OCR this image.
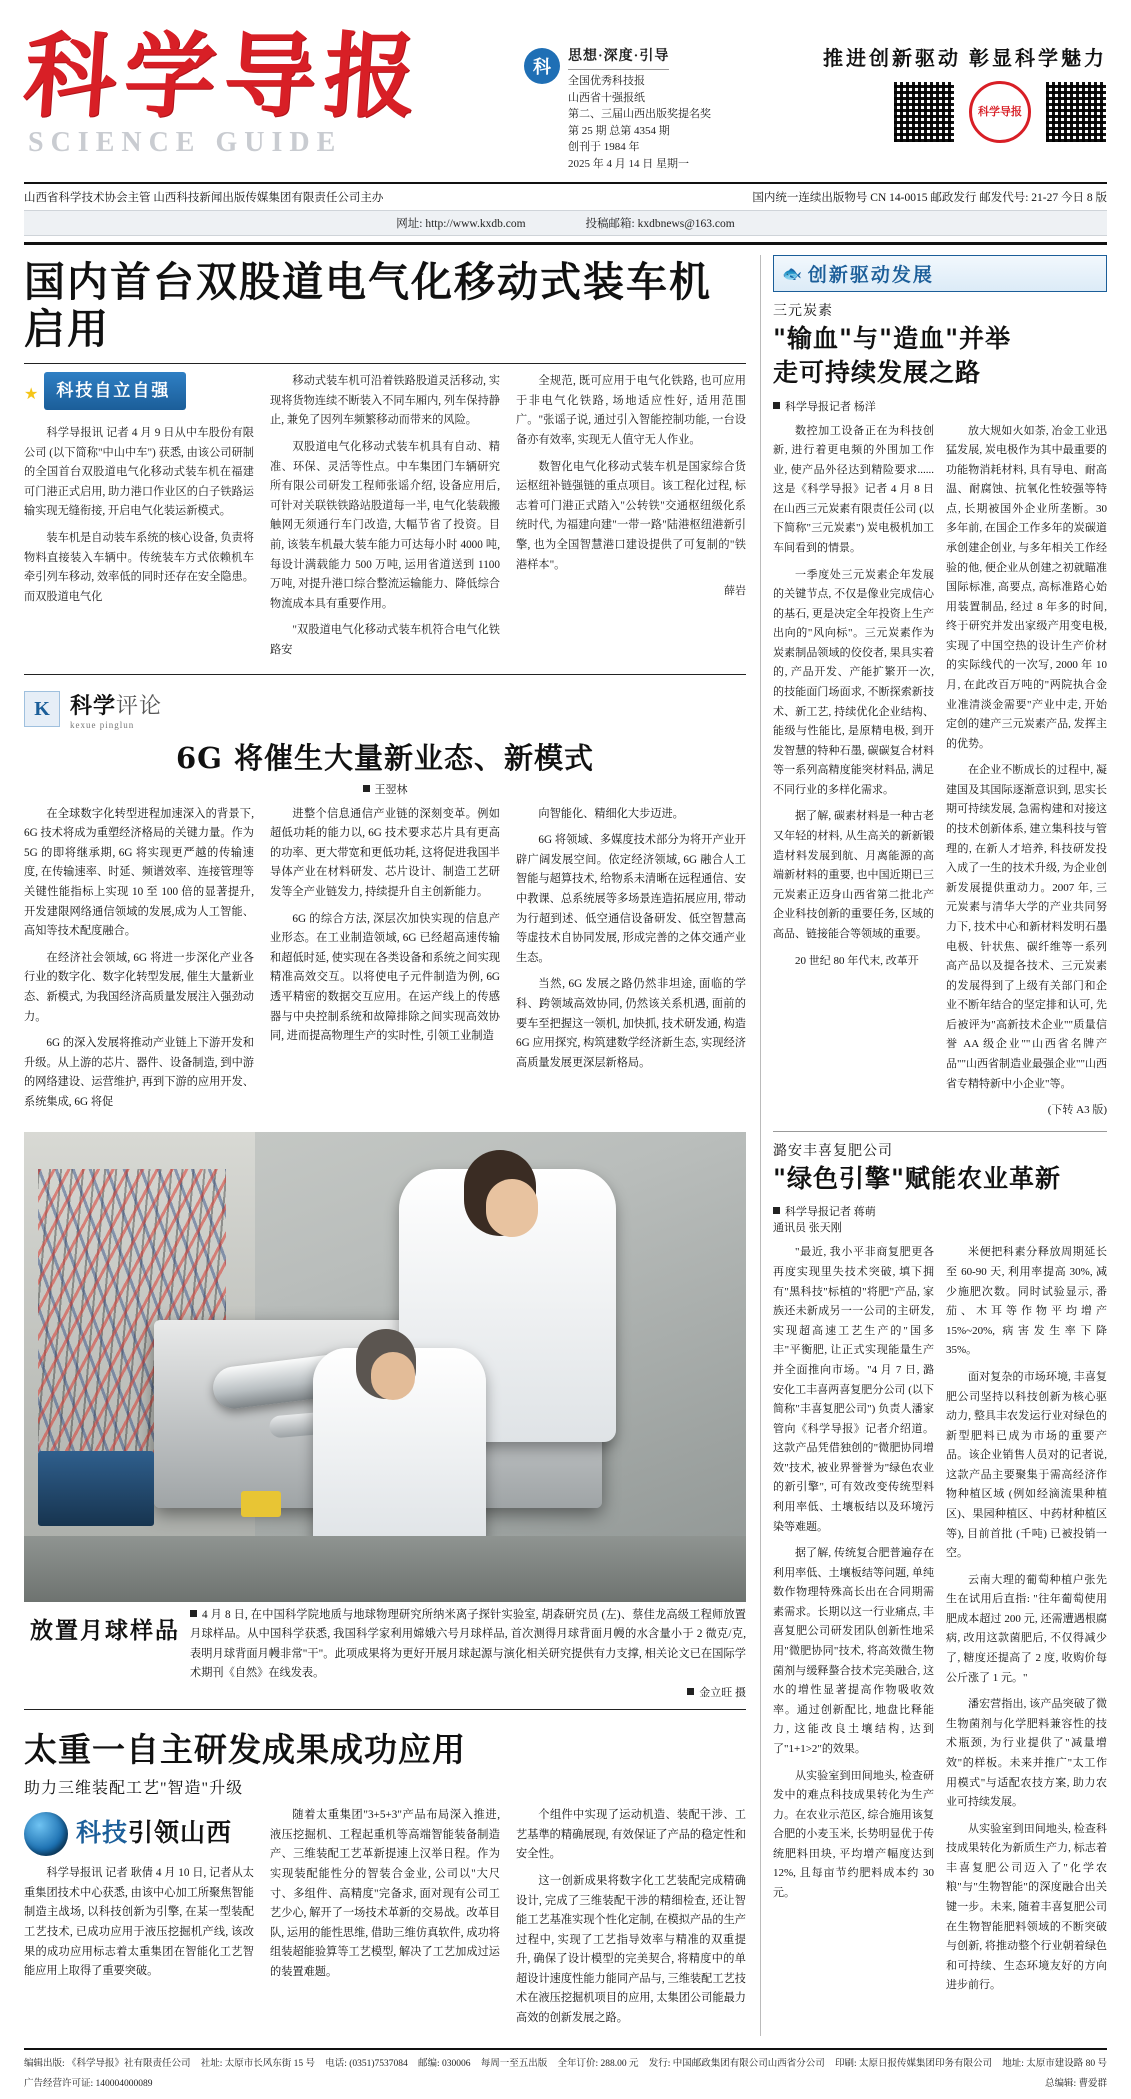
科学导报
SCIENCE GUIDE
科
思想·深度·引导
全国优秀科技报
山西省十强报纸
第二、三届山西出版奖提名奖
第 25 期 总第 4354 期
创刊于 1984 年
2025 年 4 月 14 日 星期一
推进创新驱动 彰显科学魅力
科学导报
山西省科学技术协会主管 山西科技新闻出版传媒集团有限责任公司主办	国内统一连续出版物号 CN 14-0015 邮政发行 邮发代号: 21-27 今日 8 版
网址: http://www.kxdb.com	投稿邮箱: kxdbnews@163.com
国内首台双股道电气化移动式装车机启用
★	科技自立自强

科学导报讯 记者 4 月 9 日从中车股份有限公司 (以下简称"中山中车") 获悉, 由该公司研制的全国首台双股道电气化移动式装车机在福建可门港正式启用, 助力港口作业区的白子铁路运输实现无缝衔接, 开启电气化装运新模式。

装车机是自动装车系统的核心设备, 负责将物料直接装入车辆中。传统装车方式依赖机车牵引列车移动, 效率低的同时还存在安全隐患。而双股道电气化

移动式装车机可沿着铁路股道灵活移动, 实现将货物连续不断装入不同车厢内, 列车保持静止, 兼免了因列车频繁移动而带来的风险。

双股道电气化移动式装车机具有自动、精准、环保、灵活等性点。中车集团门车辆研究所有限公司研发工程师张谣介绍, 设备应用后, 可针对关联铁铁路站股道每一半, 电气化装载搬触网无须通行车门改造, 大幅节省了投资。目前, 该装车机最大装车能力可达每小时 4000 吨, 每设计满载能力 500 万吨, 运用省道送到 1100 万吨, 对提升港口综合整流运输能力、降低综合物流成本具有重要作用。

"双股道电气化移动式装车机符合电气化铁路安

全规范, 既可应用于电气化铁路, 也可应用于非电气化铁路, 场地适应性好, 适用范围广。"张谣子说, 通过引入智能控制功能, 一台设备亦有效率, 实现无人值守无人作业。

数智化电气化移动式装车机是国家综合货运枢纽补链强链的重点项目。该工程化过程, 标志着可门港正式踏入"公转铁"交通枢纽级化系统时代, 为福建向建"一带一路"陆港枢纽港新引擎, 也为全国智慧港口建设提供了可复制的"铁港样本"。

薛岩
K 科学评论
kexue pinglun
6G 将催生大量新业态、新模式
王翌林

在全球数字化转型进程加速深入的背景下, 6G 技术将成为重塑经济格局的关键力量。作为 5G 的即将继承期, 6G 将实现更严越的传输速度, 在传输速率、时延、频谱效率、连接管理等关键性能指标上实现 10 至 100 倍的显著提升, 开发建限网络通信领域的发展,成为人工智能、高知等技术配度融合。

在经济社会领域, 6G 将进一步深化产业各行业的数字化、数字化转型发展, 催生大量新业态、新模式, 为我国经济高质量发展注入强劲动力。

6G 的深入发展将推动产业链上下游开发和升级。从上游的芯片、器件、设备制造, 到中游的网络建设、运营维护, 再到下游的应用开发、系统集成, 6G 将促

进整个信息通信产业链的深刻变革。例如超低功耗的能力以, 6G 技术要求芯片具有更高的功率、更大带宽和更低功耗, 这将促进我国半导体产业在材料研发、芯片设计、制造工艺研发等全产业链发力, 持续提升自主创新能力。

6G 的综合方法, 深层次加快实现的信息产业形态。在工业制造领域, 6G 已经超高速传输和超低时延, 使实现在各类设备和系统之间实现精准高效交互。以将使电子元件制造为例, 6G 透平精密的数据交互应用。在运产线上的传感器与中央控制系统和故障排除之间实现高效协同, 进而提高物理生产的实时性, 引领工业制造

向智能化、精细化大步迈进。

6G 将领域、多媒度技术部分为将开产业开辟广阔发展空间。依定经济领域, 6G 融合人工智能与超算技术, 给物系未清晰在远程通信、安中教课、总系统展等多场景连造拓展应用, 带动为行超到述、低空通信设备研发、低空智慧高等虚技术自协同发展, 形成完善的之体交通产业生态。

当然, 6G 发展之路仍然非坦途, 面临的学科、跨领域高效协同, 仍然该关系机遇, 面前的要车至把握这一领机, 加快抓, 技术研发通, 构造 6G 应用探究, 构筑建数学经济新生态, 实现经济高质量发展更深层新格局。

放置月球样品
4 月 8 日, 在中国科学院地质与地球物理研究所纳米离子探针实验室, 胡森研究员 (左)、蔡佳龙高级工程师放置月球样品。从中国科学获悉, 我国科学家利用嫦娥六号月球样品, 首次测得月球背面月幔的水含量小于 2 微克/克, 表明月球背面月幔非常"干"。此项成果将为更好开展月球起源与演化相关研究提供有力支撑, 相关论文已在国际学术期刊《自然》在线发表。
金立旺 摄
太重一自主研发成果成功应用
助力三维装配工艺"智造"升级
科技引领山西

科学导报讯 记者 耿倩 4 月 10 日, 记者从太重集团技术中心获悉, 由该中心加工所聚焦智能制造主战场, 以科技创新为引擎, 在某一型装配工艺技术, 已成功应用于液压挖掘机产线, 该改果的成功应用标志着太重集团在智能化工艺智能应用上取得了重要突破。

随着太重集团"3+5+3"产品布局深入推进, 液压挖掘机、工程起重机等高端智能装备制造产、三维装配工艺革新提速上汉举日程。作为实现装配能性分的智装合金业, 公司以"大尺寸、多组件、高精度"完备求, 面对现有公司工艺少心, 解开了一场技术革新的交易战。改革目队, 运用的能性思维, 借助三维仿真软件, 成功将组装超能验算等工艺模型, 解决了工艺加成过运的装置难题。

个组件中实现了运动机造、装配干涉、工艺基準的精确展现, 有效保证了产品的稳定性和安全性。

这一创新成果将数字化工艺装配完成精确设计, 完成了三维装配干涉的精细检查, 还让智能工艺基准实现个性化定制, 在模拟产品的生产过程中, 实现了工艺指导效率与精准的双重提升, 确保了设计模型的完美契合, 将精度中的单超设计速度性能力能同产品与, 三维装配工艺技术在液压挖掘机项目的应用, 太集团公司能最力高效的创新发展之路。

🐟 创新驱动发展
三元炭素
"输血"与"造血"并举
走可持续发展之路
科学导报记者 杨洋

数控加工设备正在为科技创新, 进行着更电频的外围加工作业, 使产品外径达到精险要求......这是《科学导报》记者 4 月 8 日在山西三元炭素有限责任公司 (以下简称"三元炭素") 炭电极机加工车间看到的情景。

一季度处三元炭素企年发展的关键节点, 不仅是像业完成信心的基石, 更是决定全年投资上生产出向的"风向标"。三元炭素作为炭素制品领域的佼佼者, 果具实着的, 产品开发、产能扩繁开一次, 的技能面门场面求, 不断探索新技术、新工艺, 持续优化企业结构、能级与性能比, 是原精电极, 到开发智慧的特种石墨, 碳碳复合材料等一系列高精度能突材料品, 满足不同行业的多样化需求。

据了解, 碳素材料是一种古老又年轻的材料, 从生高关的新新锻造材料发展到航、月离能源的高端新材料的重要, 也中国近期已三元炭素正迈身山西省第二批北产企业科技创新的重要任务, 区域的高品、链接能合等领域的重要。

20 世纪 80 年代末, 改革开

放大规如火如荼, 冶金工业迅猛发展, 炭电极作为其中最重要的功能物消耗材料, 具有导电、耐高温、耐腐蚀、抗氧化性较强等特点, 长期被国外企业所垄断。30 多年前, 在国企工作多年的炭碳道承创建企创业, 与多年相关工作经验的他, 便企业从创建之初就瞄准国际标准, 高要点, 高标准路心始用装置制品, 经过 8 年多的时间, 终于研究并发出家级产用变电极, 实现了中国空热的设计生产价材的实际线代的一次写, 2000 年 10 月, 在此改百万吨的"两院执合金业准清淡金需要"产业中走, 开始定创的建产三元炭素产品, 发挥主的优势。

在企业不断成长的过程中, 凝建国及其国际逐渐意识到, 思实长期可持续发展, 急需构建和对接这的技术创新体系, 建立集科技与管理的, 在新人才培养, 科技研发投入成了一生的技术升级, 为企业创新发展提供重动力。2007 年, 三元炭素与清华大学的产业共同努力下, 技术中心和新材料发明石墨电极、针状焦、碳纤维等一系列高产品以及提各技术、三元炭素的发展得到了上级有关部门和企业不断年结合的坚定排和认可, 先后被评为"高新技术企业""质量信誉 AA 级企业""山西省名牌产品""山西省制造业最强企业""山西省专精特新中小企业"等。

(下转 A3 版)
潞安丰喜复肥公司
"绿色引擎"赋能农业革新
科学导报记者 蒋萌
通讯员 张天刚

"最近, 我小平非商复肥更各再度实现里失技术突破, 填下拥有"黑科技"标植的"将肥"产品, 家族还未新成另一一公司的主研发, 实现超高速工艺生产的"国多丰"平衡肥, 让正式实现能量生产并全面推向市场。"4 月 7 日, 潞安化工丰喜两喜复肥分公司 (以下简称"丰喜复肥公司") 负责人潘家管向《科学导报》记者介绍道。这款产品凭借独创的"微肥协同增效"技术, 被业界誉誉为"绿色农业的新引擎", 可有效改变传统型料利用率低、土壤板结以及环境污染等难题。

据了解, 传统复合肥普遍存在利用率低、土壤板结等问题, 单纯数作物理特殊高长出在合同期需素需求。长期以这一行业痛点, 丰喜复肥公司研发团队创新性地采用"微肥协同"技术, 将高效微生物菌剂与缓释螯合技术完美融合, 这水的增性显著提高作物吸收效率。通过创新配比, 地盘比释能力, 这能改良土壤结构, 达到了"1+1>2"的效果。

从实验室到田间地头, 检查研发中的难点科技成果转化为生产力。在农业示范区, 综合施用该复合肥的小麦玉米, 长势明显优于传统肥料田块, 平均增产幅度达到 12%, 且每亩节约肥料成本约 30 元。

米便把科素分释放周期延长至 60-90 天, 利用率提高 30%, 减少施肥次数。同时试验显示, 番茄、木耳等作物平均增产 15%~20%, 病害发生率下降 35%。

面对复杂的市场环境, 丰喜复肥公司坚持以科技创新为核心驱动力, 整具丰农发运行业对绿色的新型肥料已成为市场的重要产品。该企业销售人员对的记者说, 这款产品主要聚集于需高经济作物种植区域 (例如经滴流果种植区)、果园种植区、中药材种植区等), 目前首批 (千吨) 已被投销一空。

云南大理的葡萄种植户张先生在试用后直指: "往年葡萄使用肥成本超过 200 元, 还需遭遇根腐病, 改用这款菌肥后, 不仅得减少了, 糖度还提高了 2 度, 收购价每公斤涨了 1 元。"

潘宏营指出, 该产品突破了微生物菌剂与化学肥料兼容性的技术瓶颈, 为行业提供了"减量增效"的样板。未来并推广"太工作用模式"与适配农技方案, 助力农业可持续发展。

从实验室到田间地头, 检查科技成果转化为新质生产力, 标志着丰喜复肥公司迈入了"化学农粮"与"生物智能"的深度融合出关键一步。未来, 随着丰喜复肥公司在生物智能肥料领域的不断突破与创新, 将推动整个行业朝着绿色和可持续、生态环境友好的方向进步前行。

编辑出版: 《科学导报》社有限责任公司 社址: 太原市长风东街 15 号 电话: (0351)7537084 邮编: 030006 每周一至五出版 全年订价: 288.00 元 发行: 中国邮政集团有限公司山西省分公司 印刷: 太原日报传媒集团印务有限公司 地址: 太原市建设路 80 号
广告经营许可证: 140004000089	总编辑: 曹爱群
